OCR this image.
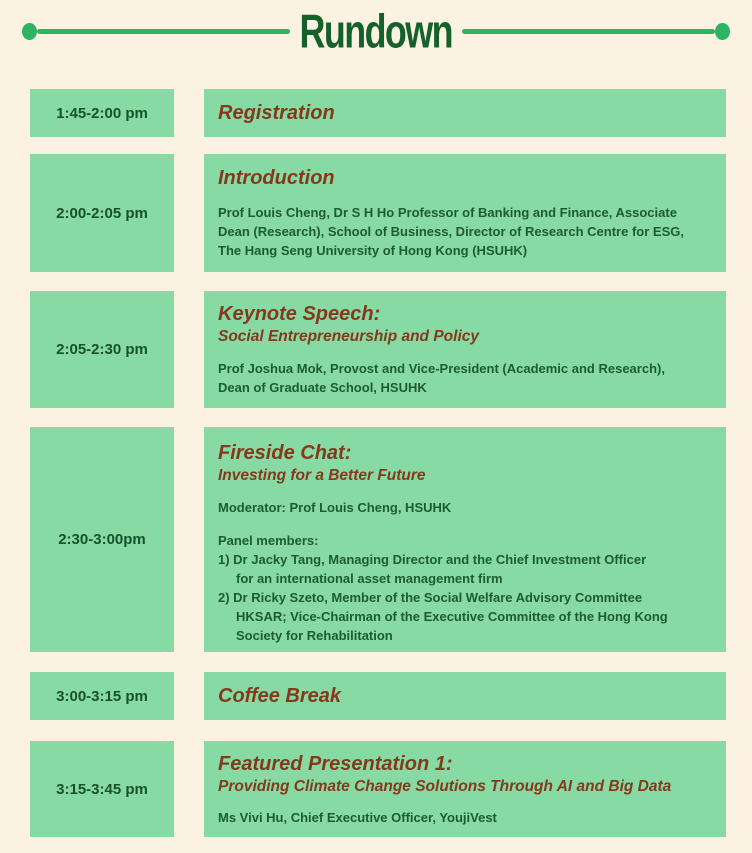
Rundown
1:45-2:00 pm	Registration
2:00-2:05 pm
Introduction
Prof Louis Cheng, Dr S H Ho Professor of Banking and Finance, Associate
Dean (Research), School of Business, Director of Research Centre for ESG,
The Hang Seng University of Hong Kong (HSUHK)
2:05-2:30 pm
Keynote Speech:
Social Entrepreneurship and Policy
Prof Joshua Mok, Provost and Vice-President (Academic and Research),
Dean of Graduate School, HSUHK
2:30-3:00pm
Fireside Chat:
Investing for a Better Future
Moderator: Prof Louis Cheng, HSUHK
Panel members:
1) Dr Jacky Tang, Managing Director and the Chief Investment Officer
for an international asset management firm
2) Dr Ricky Szeto, Member of the Social Welfare Advisory Committee
HKSAR; Vice-Chairman of the Executive Committee of the Hong Kong
Society for Rehabilitation
3:00-3:15 pm	Coffee Break
3:15-3:45 pm
Featured Presentation 1:
Providing Climate Change Solutions Through AI and Big Data
Ms Vivi Hu, Chief Executive Officer, YoujiVest
